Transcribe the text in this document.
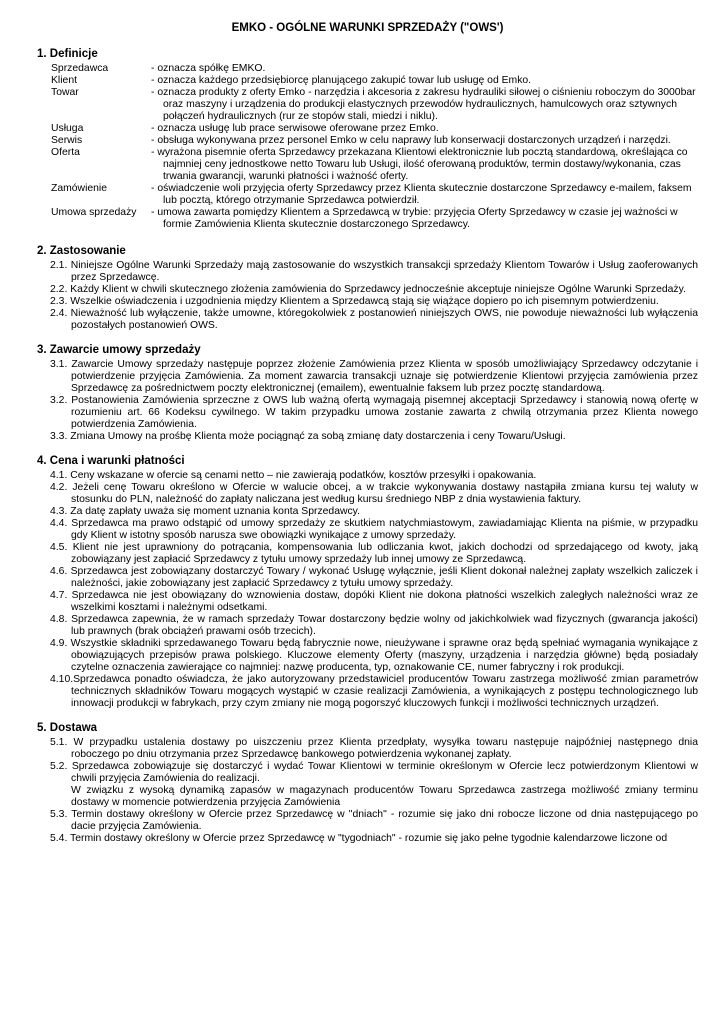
EMKO - OGÓLNE WARUNKI SPRZEDAŻY ("OWS')
1. Definicje
Sprzedawca	- oznacza spółkę EMKO.
Klient	- oznacza każdego przedsiębiorcę planującego zakupić towar lub usługę od Emko.
Towar	- oznacza produkty z oferty Emko - narzędzia i akcesoria z zakresu hydrauliki siłowej o ciśnieniu roboczym do 3000bar oraz maszyny i urządzenia do produkcji elastycznych przewodów hydraulicznych, hamulcowych oraz sztywnych połączeń hydraulicznych (rur ze stopów stali, miedzi i niklu).
Usługa	- oznacza usługę lub prace serwisowe oferowane przez Emko.
Serwis	- obsługa wykonywana przez personel Emko w celu naprawy lub konserwacji dostarczonych urządzeń i narzędzi.
Oferta	- wyrażona pisemnie oferta Sprzedawcy przekazana Klientowi elektronicznie lub pocztą standardową, określająca co najmniej ceny jednostkowe netto Towaru lub Usługi, ilość oferowaną produktów, termin dostawy/wykonania, czas trwania gwarancji, warunki płatności i ważność oferty.
Zamówienie	- oświadczenie woli przyjęcia oferty Sprzedawcy przez Klienta skutecznie dostarczone Sprzedawcy e-mailem, faksem lub pocztą, którego otrzymanie Sprzedawca potwierdził.
Umowa sprzedaży	- umowa zawarta pomiędzy Klientem a Sprzedawcą w trybie: przyjęcia Oferty Sprzedawcy w czasie jej ważności w formie Zamówienia Klienta skutecznie dostarczonego Sprzedawcy.
2. Zastosowanie
2.1. Niniejsze Ogólne Warunki Sprzedaży mają zastosowanie do wszystkich transakcji sprzedaży Klientom Towarów i Usług zaoferowanych przez Sprzedawcę.
2.2. Każdy Klient w chwili skutecznego złożenia zamówienia do Sprzedawcy jednocześnie akceptuje niniejsze Ogólne Warunki Sprzedaży.
2.3. Wszelkie oświadczenia i uzgodnienia między Klientem a Sprzedawcą stają się wiążące dopiero po ich pisemnym potwierdzeniu.
2.4. Nieważność lub wyłączenie, także umowne, któregokolwiek z postanowień niniejszych OWS, nie powoduje nieważności lub wyłączenia pozostałych postanowień OWS.
3. Zawarcie umowy sprzedaży
3.1. Zawarcie Umowy sprzedaży następuje poprzez złożenie Zamówienia przez Klienta w sposób umożliwiający Sprzedawcy odczytanie i potwierdzenie przyjęcia Zamówienia. Za moment zawarcia transakcji uznaje się potwierdzenie Klientowi przyjęcia zamówienia przez Sprzedawcę za pośrednictwem poczty elektronicznej (emailem), ewentualnie faksem lub przez pocztę standardową.
3.2. Postanowienia Zamówienia sprzeczne z OWS lub ważną ofertą wymagają pisemnej akceptacji Sprzedawcy i stanowią nową ofertę w rozumieniu art. 66 Kodeksu cywilnego. W takim przypadku umowa zostanie zawarta z chwilą otrzymania przez Klienta nowego potwierdzenia Zamówienia.
3.3. Zmiana Umowy na prośbę Klienta może pociągnąć za sobą zmianę daty dostarczenia i ceny Towaru/Usługi.
4. Cena i warunki płatności
4.1. Ceny wskazane w ofercie są cenami netto – nie zawierają podatków, kosztów przesyłki i opakowania.
4.2. Jeżeli cenę Towaru określono w Ofercie w walucie obcej, a w trakcie wykonywania dostawy nastąpiła zmiana kursu tej waluty w stosunku do PLN, należność do zapłaty naliczana jest według kursu średniego NBP z dnia wystawienia faktury.
4.3. Za datę zapłaty uważa się moment uznania konta Sprzedawcy.
4.4. Sprzedawca ma prawo odstąpić od umowy sprzedaży ze skutkiem natychmiastowym, zawiadamiając Klienta na piśmie, w przypadku gdy Klient w istotny sposób narusza swe obowiązki wynikające z umowy sprzedaży.
4.5. Klient nie jest uprawniony do potrącania, kompensowania lub odliczania kwot, jakich dochodzi od sprzedającego od kwoty, jaką zobowiązany jest zapłacić Sprzedawcy z tytułu umowy sprzedaży lub innej umowy ze Sprzedawcą.
4.6. Sprzedawca jest zobowiązany dostarczyć Towary / wykonać Usługę wyłącznie, jeśli Klient dokonał należnej zapłaty wszelkich zaliczek i należności, jakie zobowiązany jest zapłacić Sprzedawcy z tytułu umowy sprzedaży.
4.7. Sprzedawca nie jest obowiązany do wznowienia dostaw, dopóki Klient nie dokona płatności wszelkich zaległych należności wraz ze wszelkimi kosztami i należnymi odsetkami.
4.8. Sprzedawca zapewnia, że w ramach sprzedaży Towar dostarczony będzie wolny od jakichkolwiek wad fizycznych (gwarancja jakości) lub prawnych (brak obciążeń prawami osób trzecich).
4.9. Wszystkie składniki sprzedawanego Towaru będą fabrycznie nowe, nieużywane i sprawne oraz będą spełniać wymagania wynikające z obowiązujących przepisów prawa polskiego. Kluczowe elementy Oferty (maszyny, urządzenia i narzędzia główne) będą posiadały czytelne oznaczenia zawierające co najmniej: nazwę producenta, typ, oznakowanie CE, numer fabryczny i rok produkcji.
4.10.Sprzedawca ponadto oświadcza, że jako autoryzowany przedstawiciel producentów Towaru zastrzega możliwość zmian parametrów technicznych składników Towaru mogących wystąpić w czasie realizacji Zamówienia, a wynikających z postępu technologicznego lub innowacji produkcji w fabrykach, przy czym zmiany nie mogą pogorszyć kluczowych funkcji i możliwości technicznych urządzeń.
5. Dostawa
5.1. W przypadku ustalenia dostawy po uiszczeniu przez Klienta przedpłaty, wysyłka towaru następuje najpóźniej następnego dnia roboczego po dniu otrzymania przez Sprzedawcę bankowego potwierdzenia wykonanej zapłaty.
5.2. Sprzedawca zobowiązuje się dostarczyć i wydać Towar Klientowi w terminie określonym w Ofercie lecz potwierdzonym Klientowi w chwili przyjęcia Zamówienia do realizacji.
W związku z wysoką dynamiką zapasów w magazynach producentów Towaru Sprzedawca zastrzega możliwość zmiany terminu dostawy w momencie potwierdzenia przyjęcia Zamówienia
5.3. Termin dostawy określony w Ofercie przez Sprzedawcę w "dniach" - rozumie się jako dni robocze liczone od dnia następującego po dacie przyjęcia Zamówienia.
5.4. Termin dostawy określony w Ofercie przez Sprzedawcę w "tygodniach" - rozumie się jako pełne tygodnie kalendarzowe liczone od
